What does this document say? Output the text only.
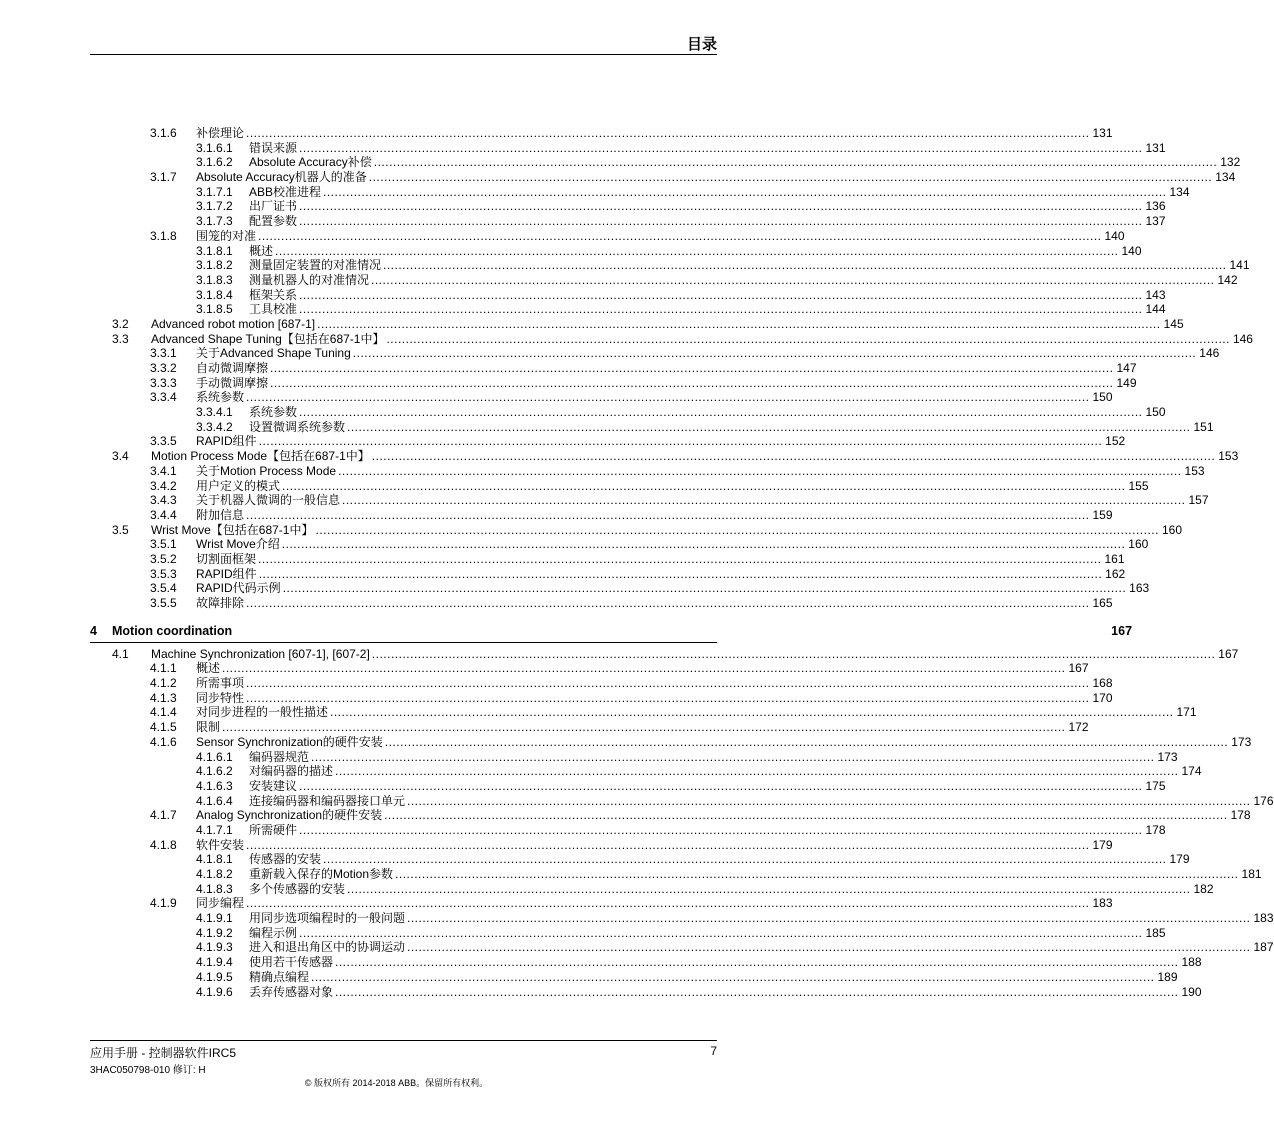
目录
3.1.6 补偿理论 ............................................................................................................................................................................................................................ 131
3.1.6.1 错误来源 ............................................................................................................................................................................................................................ 131
3.1.6.2 Absolute Accuracy补偿 ............................................................................................................................................................................................................................ 132
3.1.7 Absolute Accuracy机器人的准备 ............................................................................................................................................................................................................................ 134
3.1.7.1 ABB校准进程 ............................................................................................................................................................................................................................ 134
3.1.7.2 出厂证书 ............................................................................................................................................................................................................................ 136
3.1.7.3 配置参数 ............................................................................................................................................................................................................................ 137
3.1.8 围笼的对准 ............................................................................................................................................................................................................................ 140
3.1.8.1 概述 ............................................................................................................................................................................................................................ 140
3.1.8.2 测量固定装置的对准情况 ............................................................................................................................................................................................................................ 141
3.1.8.3 测量机器人的对准情况 ............................................................................................................................................................................................................................ 142
3.1.8.4 框架关系 ............................................................................................................................................................................................................................ 143
3.1.8.5 工具校准 ............................................................................................................................................................................................................................ 144
3.2 Advanced robot motion [687-1] ............................................................................................................................................................................................................................ 145
3.3 Advanced Shape Tuning【包括在687-1中】 ............................................................................................................................................................................................................................ 146
3.3.1 关于Advanced Shape Tuning ............................................................................................................................................................................................................................ 146
3.3.2 自动微调摩擦 ............................................................................................................................................................................................................................ 147
3.3.3 手动微调摩擦 ............................................................................................................................................................................................................................ 149
3.3.4 系统参数 ............................................................................................................................................................................................................................ 150
3.3.4.1 系统参数 ............................................................................................................................................................................................................................ 150
3.3.4.2 设置微调系统参数 ............................................................................................................................................................................................................................ 151
3.3.5 RAPID组件 ............................................................................................................................................................................................................................ 152
3.4 Motion Process Mode【包括在687-1中】 ............................................................................................................................................................................................................................ 153
3.4.1 关于Motion Process Mode ............................................................................................................................................................................................................................ 153
3.4.2 用户定义的模式 ............................................................................................................................................................................................................................ 155
3.4.3 关于机器人微调的一般信息 ............................................................................................................................................................................................................................ 157
3.4.4 附加信息 ............................................................................................................................................................................................................................ 159
3.5 Wrist Move【包括在687-1中】 ............................................................................................................................................................................................................................ 160
3.5.1 Wrist Move介绍 ............................................................................................................................................................................................................................ 160
3.5.2 切割面框架 ............................................................................................................................................................................................................................ 161
3.5.3 RAPID组件 ............................................................................................................................................................................................................................ 162
3.5.4 RAPID代码示例 ............................................................................................................................................................................................................................ 163
3.5.5 故障排除 ............................................................................................................................................................................................................................ 165
4 Motion coordination	167
4.1 Machine Synchronization [607-1], [607-2] ............................................................................................................................................................................................................................ 167
4.1.1 概述 ............................................................................................................................................................................................................................ 167
4.1.2 所需事项 ............................................................................................................................................................................................................................ 168
4.1.3 同步特性 ............................................................................................................................................................................................................................ 170
4.1.4 对同步进程的一般性描述 ............................................................................................................................................................................................................................ 171
4.1.5 限制 ............................................................................................................................................................................................................................ 172
4.1.6 Sensor Synchronization的硬件安装 ............................................................................................................................................................................................................................ 173
4.1.6.1 编码器规范 ............................................................................................................................................................................................................................ 173
4.1.6.2 对编码器的描述 ............................................................................................................................................................................................................................ 174
4.1.6.3 安装建议 ............................................................................................................................................................................................................................ 175
4.1.6.4 连接编码器和编码器接口单元 ............................................................................................................................................................................................................................ 176
4.1.7 Analog Synchronization的硬件安装 ............................................................................................................................................................................................................................ 178
4.1.7.1 所需硬件 ............................................................................................................................................................................................................................ 178
4.1.8 软件安装 ............................................................................................................................................................................................................................ 179
4.1.8.1 传感器的安装 ............................................................................................................................................................................................................................ 179
4.1.8.2 重新载入保存的Motion参数 ............................................................................................................................................................................................................................ 181
4.1.8.3 多个传感器的安装 ............................................................................................................................................................................................................................ 182
4.1.9 同步编程 ............................................................................................................................................................................................................................ 183
4.1.9.1 用同步选项编程时的一般问题 ............................................................................................................................................................................................................................ 183
4.1.9.2 编程示例 ............................................................................................................................................................................................................................ 185
4.1.9.3 进入和退出角区中的协调运动 ............................................................................................................................................................................................................................ 187
4.1.9.4 使用若干传感器 ............................................................................................................................................................................................................................ 188
4.1.9.5 精确点编程 ............................................................................................................................................................................................................................ 189
4.1.9.6 丢弃传感器对象 ............................................................................................................................................................................................................................ 190
应用手册 - 控制器软件IRC5
3HAC050798-010 修订: H
7
© 版权所有 2014-2018 ABB。保留所有权利。
